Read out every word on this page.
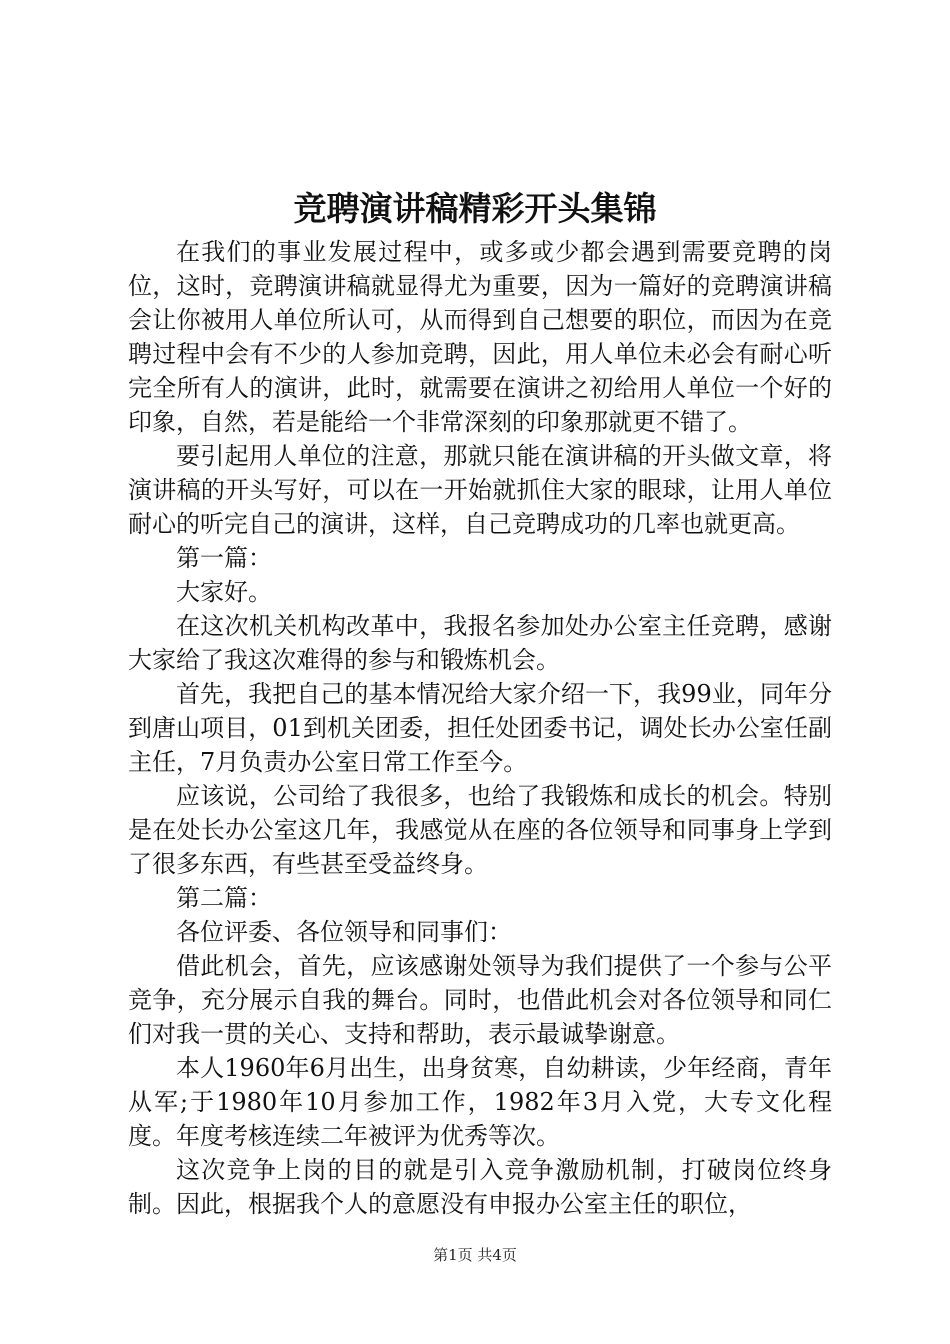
竞聘演讲稿精彩开头集锦

在我们的事业发展过程中，或多或少都会遇到需要竞聘的岗位，这时，竞聘演讲稿就显得尤为重要，因为一篇好的竞聘演讲稿会让你被用人单位所认可，从而得到自己想要的职位，而因为在竞聘过程中会有不少的人参加竞聘，因此，用人单位未必会有耐心听完全所有人的演讲，此时，就需要在演讲之初给用人单位一个好的印象，自然，若是能给一个非常深刻的印象那就更不错了。

要引起用人单位的注意，那就只能在演讲稿的开头做文章，将演讲稿的开头写好，可以在一开始就抓住大家的眼球，让用人单位耐心的听完自己的演讲，这样，自己竞聘成功的几率也就更高。

第一篇：

大家好。

在这次机关机构改革中，我报名参加处办公室主任竞聘，感谢大家给了我这次难得的参与和锻炼机会。

首先，我把自己的基本情况给大家介绍一下，我99业，同年分到唐山项目，01到机关团委，担任处团委书记，调处长办公室任副主任，7月负责办公室日常工作至今。

应该说，公司给了我很多，也给了我锻炼和成长的机会。特别是在处长办公室这几年，我感觉从在座的各位领导和同事身上学到了很多东西，有些甚至受益终身。

第二篇：

各位评委、各位领导和同事们：

借此机会，首先，应该感谢处领导为我们提供了一个参与公平竞争，充分展示自我的舞台。同时，也借此机会对各位领导和同仁们对我一贯的关心、支持和帮助，表示最诚挚谢意。

本人1960年6月出生，出身贫寒，自幼耕读，少年经商，青年从军;于1980年10月参加工作，1982年3月入党，大专文化程度。年度考核连续二年被评为优秀等次。

这次竞争上岗的目的就是引入竞争激励机制，打破岗位终身制。因此，根据我个人的意愿没有申报办公室主任的职位，

第1页 共4页
